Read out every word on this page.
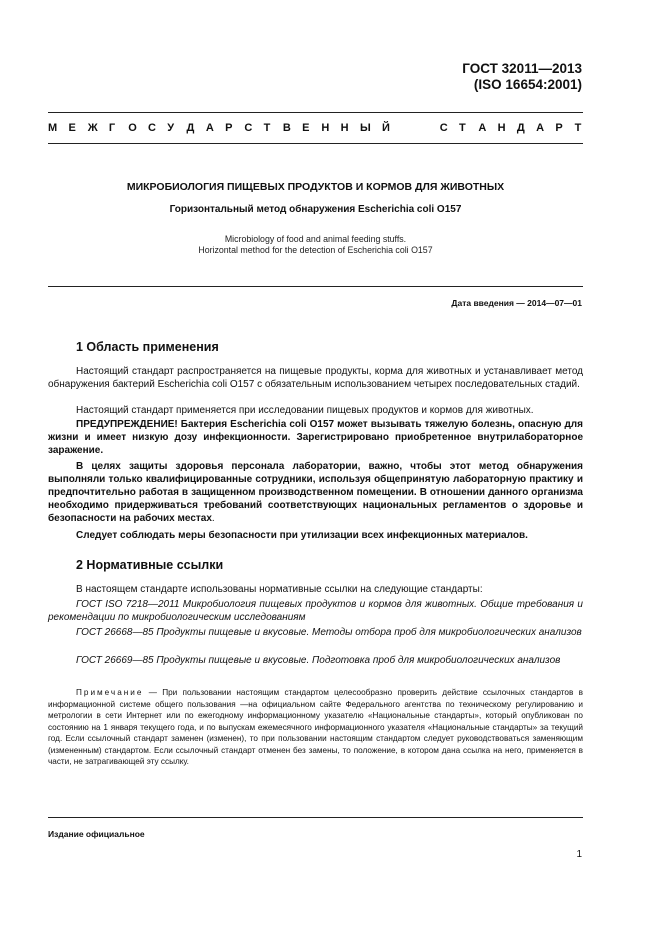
ГОСТ 32011—2013
(ISO 16654:2001)
М Е Ж Г О С У Д А Р С Т В Е Н Н Ы Й	С Т А Н Д А Р Т
МИКРОБИОЛОГИЯ ПИЩЕВЫХ ПРОДУКТОВ И КОРМОВ ДЛЯ ЖИВОТНЫХ
Горизонтальный метод обнаружения Escherichia coli O157
Microbiology of food and animal feeding stuffs.
Horizontal method for the detection of Escherichia coli O157
Дата введения — 2014—07—01
1 Область применения
Настоящий стандарт распространяется на пищевые продукты, корма для животных и устанавливает метод обнаружения бактерий Escherichia coli O157 с обязательным использованием четырех последовательных стадий.
Настоящий стандарт применяется при исследовании пищевых продуктов и кормов для животных.
ПРЕДУПРЕЖДЕНИЕ! Бактерия Escherichia coli O157 может вызывать тяжелую болезнь, опасную для жизни и имеет низкую дозу инфекционности. Зарегистрировано приобретенное внутрилабораторное заражение.
В целях защиты здоровья персонала лаборатории, важно, чтобы этот метод обнаружения выполняли только квалифицированные сотрудники, используя общепринятую лабораторную практику и предпочтительно работая в защищенном производственном помещении. В отношении данного организма необходимо придерживаться требований соответствующих национальных регламентов о здоровье и безопасности на рабочих местах.
Следует соблюдать меры безопасности при утилизации всех инфекционных материалов.
2 Нормативные ссылки
В настоящем стандарте использованы нормативные ссылки на следующие стандарты:
ГОСТ ISO 7218—2011 Микробиология пищевых продуктов и кормов для животных. Общие требования и рекомендации по микробиологическим исследованиям
ГОСТ 26668—85 Продукты пищевые и вкусовые. Методы отбора проб для микробиологических анализов
ГОСТ 26669—85 Продукты пищевые и вкусовые. Подготовка проб для микробиологических анализов
Примечание — При пользовании настоящим стандартом целесообразно проверить действие ссылочных стандартов в информационной системе общего пользования —на официальном сайте Федерального агентства по техническому регулированию и метрологии в сети Интернет или по ежегодному информационному указателю «Национальные стандарты», который опубликован по состоянию на 1 января текущего года, и по выпускам ежемесячного информационного указателя «Национальные стандарты» за текущий год. Если ссылочный стандарт заменен (изменен), то при пользовании настоящим стандартом следует руководствоваться заменяющим (измененным) стандартом. Если ссылочный стандарт отменен без замены, то положение, в котором дана ссылка на него, применяется в части, не затрагивающей эту ссылку.
Издание официальное
1
